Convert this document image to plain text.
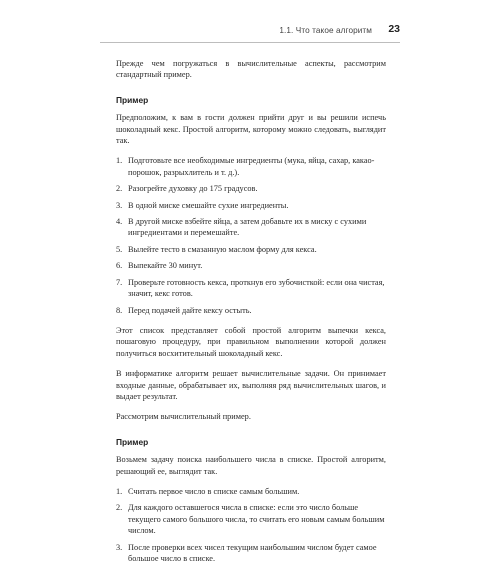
1.1. Что такое алгоритм 23

Прежде чем погружаться в вычислительные аспекты, рассмотрим стандартный пример.

Пример

Предположим, к вам в гости должен прийти друг и вы решили испечь шоколадный кекс. Простой алгоритм, которому можно следовать, выглядит так.

1. Подготовьте все необходимые ингредиенты (мука, яйца, сахар, какао-порошок, разрыхлитель и т. д.).
2. Разогрейте духовку до 175 градусов.
3. В одной миске смешайте сухие ингредиенты.
4. В другой миске взбейте яйца, а затем добавьте их в миску с сухими ингредиентами и перемешайте.
5. Вылейте тесто в смазанную маслом форму для кекса.
6. Выпекайте 30 минут.
7. Проверьте готовность кекса, проткнув его зубочисткой: если она чистая, значит, кекс готов.
8. Перед подачей дайте кексу остыть.

Этот список представляет собой простой алгоритм выпечки кекса, пошаговую процедуру, при правильном выполнении которой должен получиться восхитительный шоколадный кекс.

В информатике алгоритм решает вычислительные задачи. Он принимает входные данные, обрабатывает их, выполняя ряд вычислительных шагов, и выдает результат.

Рассмотрим вычислительный пример.

Пример

Возьмем задачу поиска наибольшего числа в списке. Простой алгоритм, решающий ее, выглядит так.

1. Считать первое число в списке самым большим.
2. Для каждого оставшегося числа в списке: если это число больше текущего самого большого числа, то считать его новым самым большим числом.
3. После проверки всех чисел текущим наибольшим числом будет самое большое число в списке.
